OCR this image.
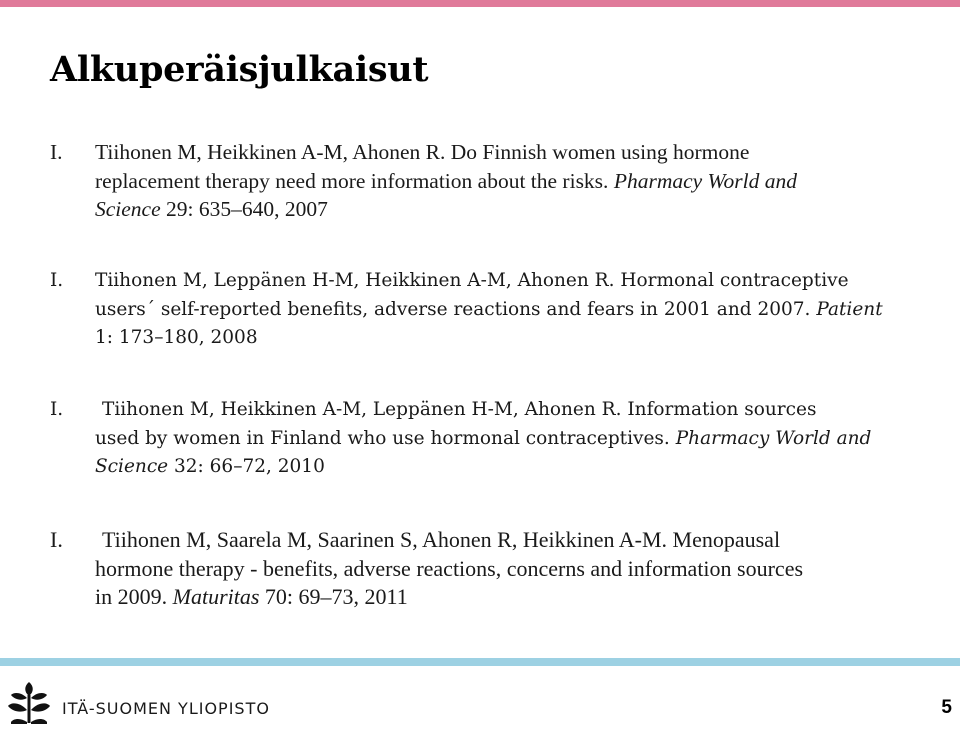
Alkuperäisjulkaisut
I.	Tiihonen M, Heikkinen A-M, Ahonen R. Do Finnish women using hormone
replacement therapy need more information about the risks. Pharmacy World and
Science 29: 635–640, 2007
I.	Tiihonen M, Leppänen H-M, Heikkinen A-M, Ahonen R. Hormonal contraceptive
users´ self-reported benefits, adverse reactions and fears in 2001 and 2007. Patient
1: 173–180, 2008
I.	Tiihonen M, Heikkinen A-M, Leppänen H-M, Ahonen R. Information sources
used by women in Finland who use hormonal contraceptives. Pharmacy World and
Science 32: 66–72, 2010
I.	Tiihonen M, Saarela M, Saarinen S, Ahonen R, Heikkinen A-M. Menopausal
hormone therapy - benefits, adverse reactions, concerns and information sources
in 2009. Maturitas 70: 69–73, 2011
ITÄ-SUOMEN YLIOPISTO	5
